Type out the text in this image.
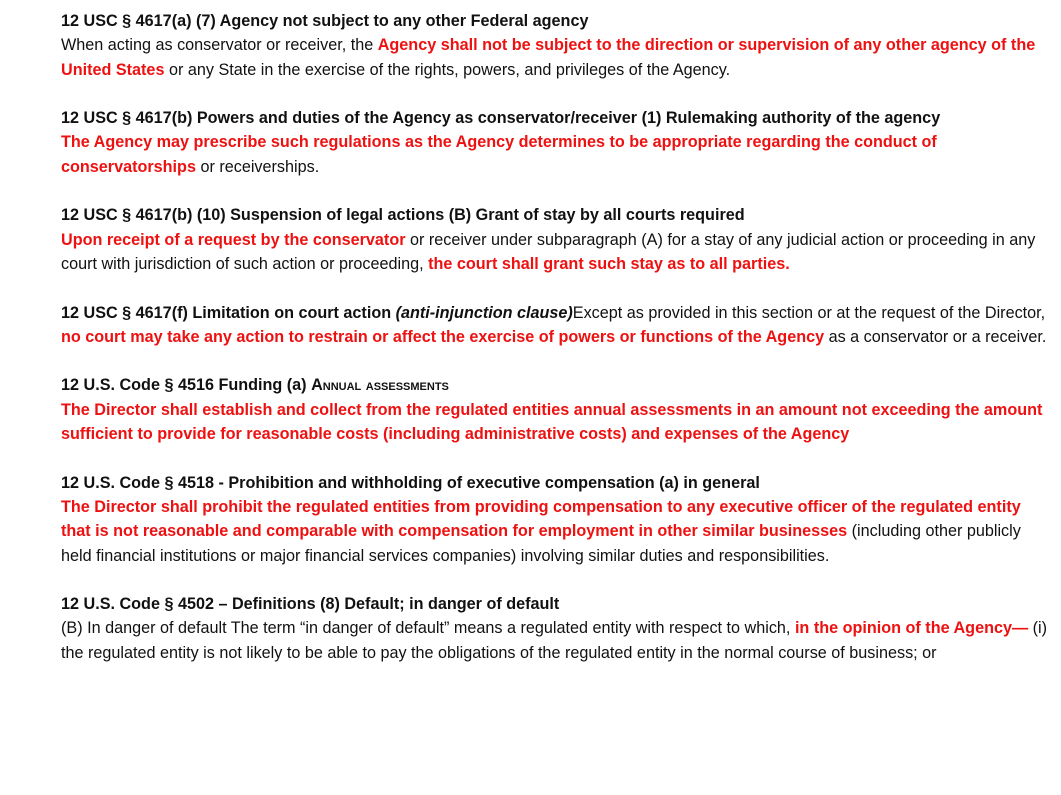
12 USC § 4617(a) (7) Agency not subject to any other Federal agency
When acting as conservator or receiver, the Agency shall not be subject to the direction or supervision of any other agency of the United States or any State in the exercise of the rights, powers, and privileges of the Agency.
12 USC § 4617(b) Powers and duties of the Agency as conservator/receiver (1) Rulemaking authority of the agency
The Agency may prescribe such regulations as the Agency determines to be appropriate regarding the conduct of conservatorships or receiverships.
12 USC § 4617(b) (10) Suspension of legal actions (B) Grant of stay by all courts required
Upon receipt of a request by the conservator or receiver under subparagraph (A) for a stay of any judicial action or proceeding in any court with jurisdiction of such action or proceeding, the court shall grant such stay as to all parties.
12 USC § 4617(f) Limitation on court action (anti-injunction clause)Except as provided in this section or at the request of the Director, no court may take any action to restrain or affect the exercise of powers or functions of the Agency as a conservator or a receiver.
12 U.S. Code § 4516 Funding (a) Annual assessments
The Director shall establish and collect from the regulated entities annual assessments in an amount not exceeding the amount sufficient to provide for reasonable costs (including administrative costs) and expenses of the Agency
12 U.S. Code § 4518 - Prohibition and withholding of executive compensation (a) in general
The Director shall prohibit the regulated entities from providing compensation to any executive officer of the regulated entity that is not reasonable and comparable with compensation for employment in other similar businesses (including other publicly held financial institutions or major financial services companies) involving similar duties and responsibilities.
12 U.S. Code § 4502 – Definitions (8) Default; in danger of default
(B) In danger of default The term “in danger of default” means a regulated entity with respect to which, in the opinion of the Agency— (i) the regulated entity is not likely to be able to pay the obligations of the regulated entity in the normal course of business; or
